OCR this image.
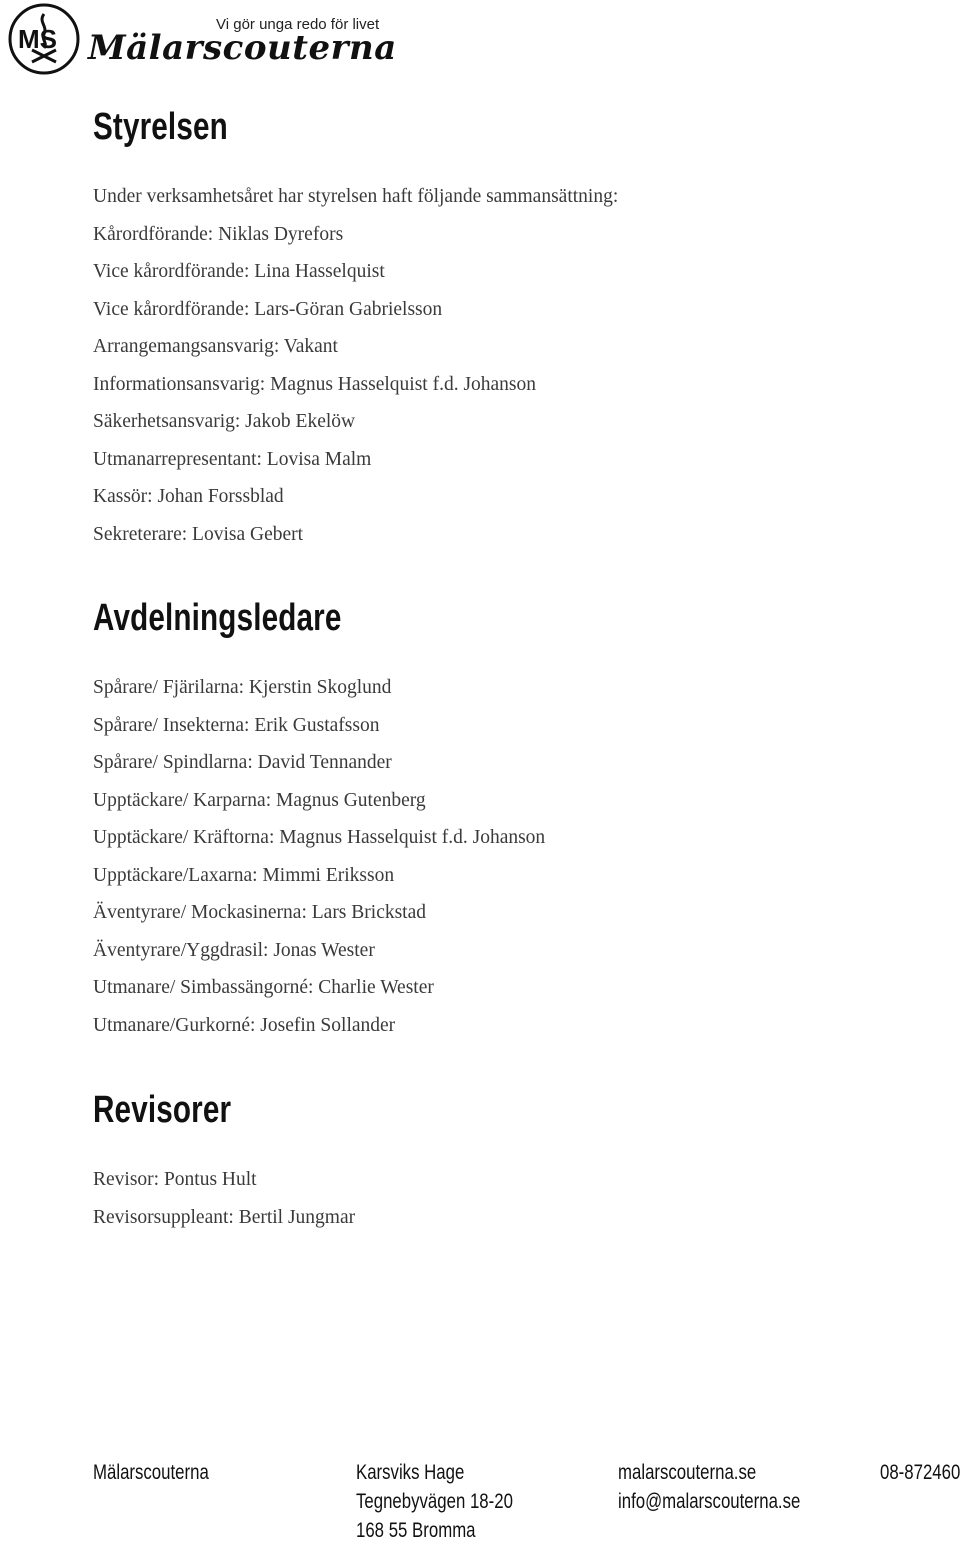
MS	Vi gör unga redo för livet
Mälarscouterna
Styrelsen
Under verksamhetsåret har styrelsen haft följande sammansättning:
Kårordförande: Niklas Dyrefors
Vice kårordförande: Lina Hasselquist
Vice kårordförande: Lars-Göran Gabrielsson
Arrangemangsansvarig: Vakant
Informationsansvarig: Magnus Hasselquist f.d. Johanson
Säkerhetsansvarig: Jakob Ekelöw
Utmanarrepresentant: Lovisa Malm
Kassör: Johan Forssblad
Sekreterare: Lovisa Gebert
Avdelningsledare
Spårare/ Fjärilarna: Kjerstin Skoglund
Spårare/ Insekterna: Erik Gustafsson
Spårare/ Spindlarna: David Tennander
Upptäckare/ Karparna: Magnus Gutenberg
Upptäckare/ Kräftorna: Magnus Hasselquist f.d. Johanson
Upptäckare/Laxarna: Mimmi Eriksson
Äventyrare/ Mockasinerna: Lars Brickstad
Äventyrare/Yggdrasil: Jonas Wester
Utmanare/ Simbassängorné: Charlie Wester
Utmanare/Gurkorné: Josefin Sollander
Revisorer
Revisor: Pontus Hult
Revisorsuppleant: Bertil Jungmar
Mälarscouterna	Karsviks Hage
Tegnebyvägen 18-20
168 55 Bromma
malarscouterna.se
info@malarscouterna.se
08-872460
